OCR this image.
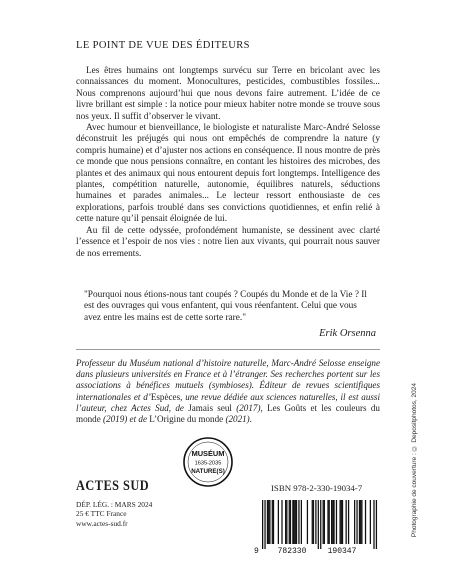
LE POINT DE VUE DES ÉDITEURS

Les êtres humains ont longtemps survécu sur Terre en bricolant avec les connaissances du moment. Monocultures, pesticides, combustibles fossiles... Nous comprenons aujourd’hui que nous devons faire autrement. L’idée de ce livre brillant est simple : la notice pour mieux habiter notre monde se trouve sous nos yeux. Il suffit d’observer le vivant.

Avec humour et bienveillance, le biologiste et naturaliste Marc-André Selosse déconstruit les préjugés qui nous ont empêchés de comprendre la nature (y compris humaine) et d’ajuster nos actions en conséquence. Il nous montre de près ce monde que nous pensions connaître, en contant les histoires des microbes, des plantes et des animaux qui nous entourent depuis fort longtemps. Intelligence des plantes, compétition naturelle, autonomie, équilibres naturels, séductions humaines et parades animales... Le lecteur ressort enthousiaste de ces explorations, parfois troublé dans ses convictions quotidiennes, et enfin relié à cette nature qu’il pensait éloignée de lui.

Au fil de cette odyssée, profondément humaniste, se dessinent avec clarté l’essence et l’espoir de nos vies : notre lien aux vivants, qui pourrait nous sauver de nos errements.

"Pourquoi nous étions-nous tant coupés ? Coupés du Monde et de la Vie ? Il est des ouvrages qui vous enfantent, qui vous réenfantent. Celui que vous avez entre les mains est de cette sorte rare."

Erik Orsenna
Professeur du Muséum national d’histoire naturelle, Marc-André Selosse enseigne dans plusieurs universités en France et à l’étranger. Ses recherches portent sur les associations à bénéfices mutuels (symbioses). Éditeur de revues scientifiques internationales et d’Espèces, une revue dédiée aux sciences naturelles, il est aussi l’auteur, chez Actes Sud, de Jamais seul (2017), Les Goûts et les couleurs du monde (2019) et de L’Origine du monde (2021).	Photographie de couverture : © Depositphotos, 2024
MUSÉUM
1635-2035
NATURE(S)
ACTES SUD
DÉP. LÉG. : MARS 2024
25 € TTC France
www.actes-sud.fr
ISBN 978-2-330-19034-7
9 782330	190347
